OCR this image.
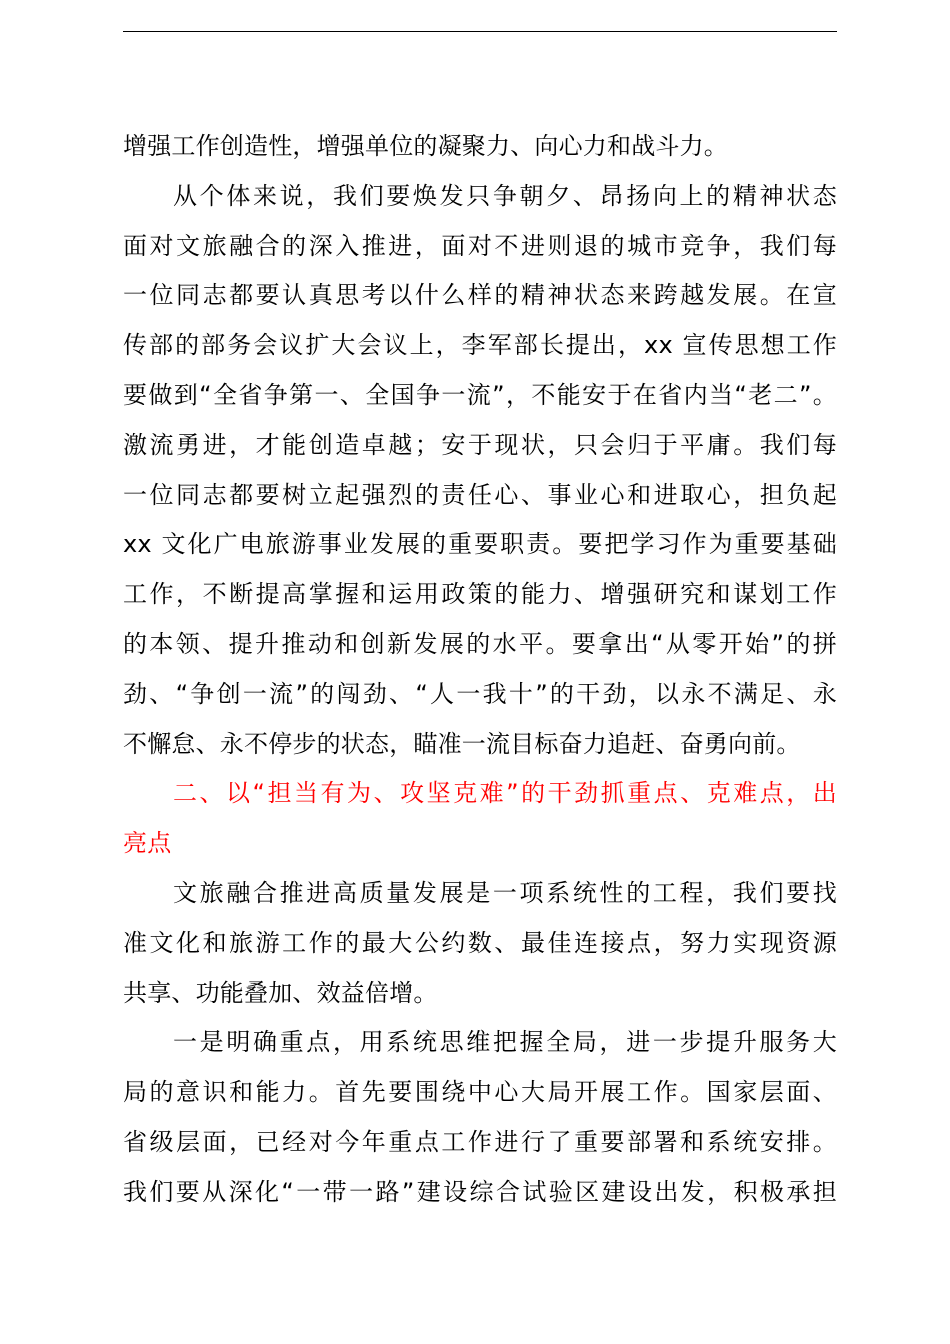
增强工作创造性，增强单位的凝聚力、向心力和战斗力。
从个体来说，我们要焕发只争朝夕、昂扬向上的精神状态
面对文旅融合的深入推进，面对不进则退的城市竞争，我们每
一位同志都要认真思考以什么样的精神状态来跨越发展。在宣
传部的部务会议扩大会议上，李军部长提出，xx 宣传思想工作
要做到“全省争第一、全国争一流”，不能安于在省内当“老二”。
激流勇进，才能创造卓越；安于现状，只会归于平庸。我们每
一位同志都要树立起强烈的责任心、事业心和进取心，担负起
xx 文化广电旅游事业发展的重要职责。要把学习作为重要基础
工作，不断提高掌握和运用政策的能力、增强研究和谋划工作
的本领、提升推动和创新发展的水平。要拿出“从零开始”的拼
劲、“争创一流”的闯劲、“人一我十”的干劲，以永不满足、永
不懈怠、永不停步的状态，瞄准一流目标奋力追赶、奋勇向前。
二、以“担当有为、攻坚克难”的干劲抓重点、克难点，出
亮点
文旅融合推进高质量发展是一项系统性的工程，我们要找
准文化和旅游工作的最大公约数、最佳连接点，努力实现资源
共享、功能叠加、效益倍增。
一是明确重点，用系统思维把握全局，进一步提升服务大
局的意识和能力。首先要围绕中心大局开展工作。国家层面、
省级层面，已经对今年重点工作进行了重要部署和系统安排。
我们要从深化“一带一路”建设综合试验区建设出发，积极承担
